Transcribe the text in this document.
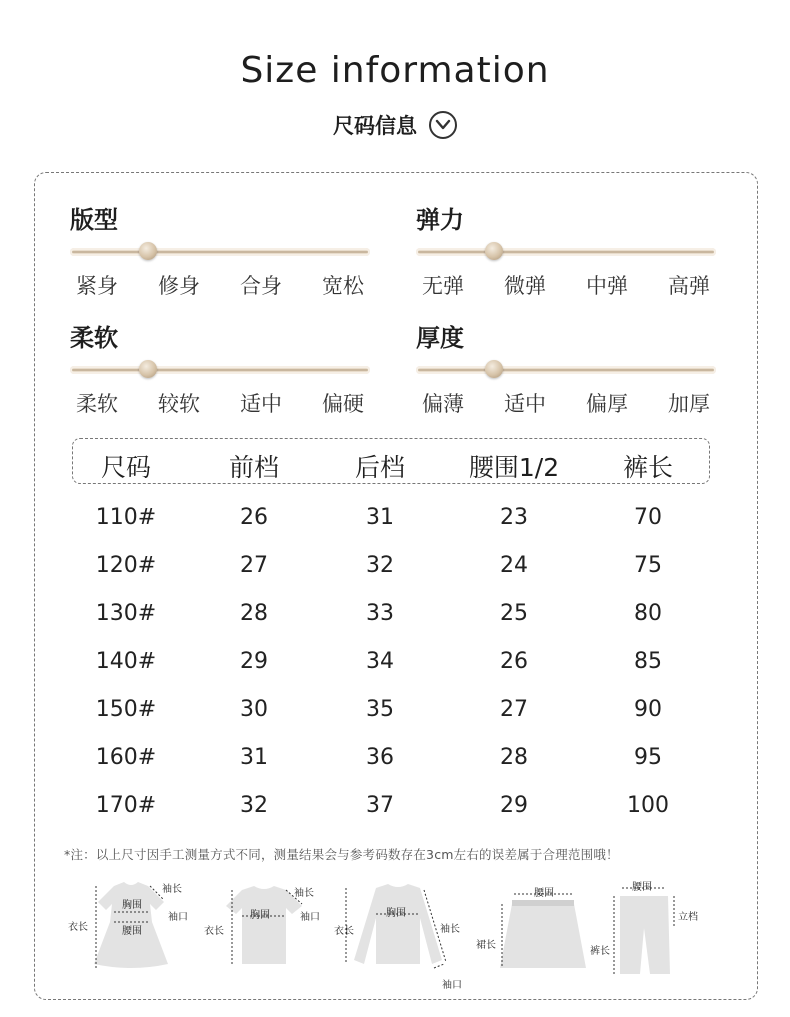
Size information
尺码信息
版型
紧身 修身 合身 宽松
弹力
无弹 微弹 中弹 高弹
柔软
柔软 较软 适中 偏硬
厚度
偏薄 适中 偏厚 加厚
尺码	前档	后档	腰围1/2	裤长
110#	26	31	23	70
120#	27	32	24	75
130#	28	33	25	80
140#	29	34	26	85
150#	30	35	27	90
160#	31	36	28	95
170#	32	37	29	100
*注：以上尺寸因手工测量方式不同，测量结果会与参考码数存在3cm左右的误差属于合理范围哦！
袖长
袖口
胸围
腰围
衣长
袖长
袖口
胸围
衣长
胸围
袖长
袖口
衣长
腰围
裙长
腰围
立档
裤长
